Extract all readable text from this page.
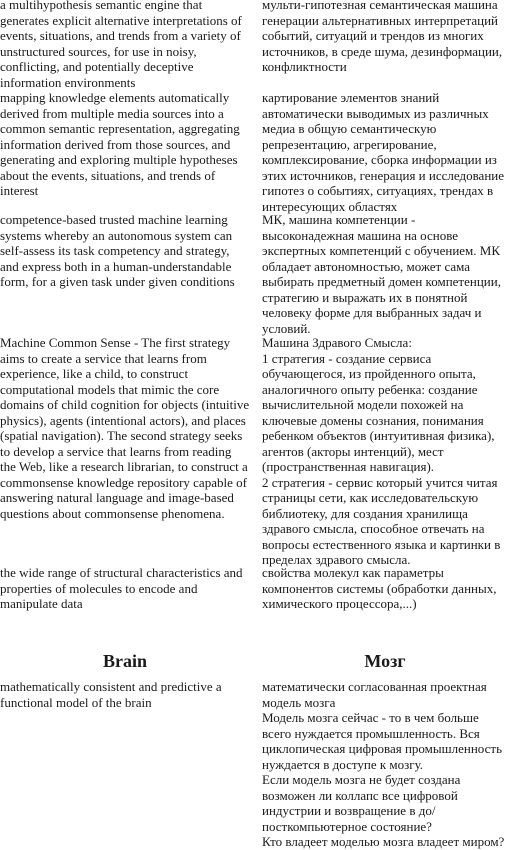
a multihypothesis semantic engine that generates explicit alternative interpretations of events, situations, and trends from a variety of unstructured sources, for use in noisy, conflicting, and potentially deceptive information environments

мульти-гипотезная семантическая машина генерации альтернативных интерпретаций событий, ситуаций и трендов из многих источников, в среде шума, дезинформации, конфликтности

mapping knowledge elements automatically derived from multiple media sources into a common semantic representation, aggregating information derived from those sources, and generating and exploring multiple hypotheses about the events, situations, and trends of interest

картирование элементов знаний автоматически выводимых из различных медиа в общую семантическую репрезентацию, агрегирование, комплексирование, сборка информации из этих источников, генерация и исследование гипотез о событиях, ситуациях, трендах в интересующих областях

competence-based trusted machine learning systems whereby an autonomous system can self-assess its task competency and strategy, and express both in a human-understandable form, for a given task under given conditions

МК, машина компетенции - высоконадежная машина на основе экспертных компетенций с обучением. МК обладает автономностью, может сама выбирать предметный домен компетенции, стратегию и выражать их в понятной человеку форме для выбранных задач и условий.

Machine Common Sense - The first strategy aims to create a service that learns from experience, like a child, to construct computational models that mimic the core domains of child cognition for objects (intuitive physics), agents (intentional actors), and places (spatial navigation). The second strategy seeks to develop a service that learns from reading the Web, like a research librarian, to construct a commonsense knowledge repository capable of answering natural language and image-based questions about commonsense phenomena.

Машина Здравого Смысла:

1 стратегия - создание сервиса обучающегося, из пройденного опыта, аналогичного опыту ребенка: создание вычислительной модели похожей на ключевые домены сознания, понимания ребенком объектов (интуитивная физика), агентов (акторы интенций), мест (пространственная навигация).

2 стратегия - сервис который учится читая страницы сети, как исследовательскую библиотеку, для создания хранилища здравого смысла, способное отвечать на вопросы естественного языка и картинки в пределах здравого смысла.

the wide range of structural characteristics and properties of molecules to encode and manipulate data

свойства молекул как параметры компонентов системы (обработки данных, химического процессора,...)

Brain	Мозг

mathematically consistent and predictive a functional model of the brain

математически согласованная проектная модель мозга

Модель мозга сейчас - то в чем больше всего нуждается промышленность. Вся циклопическая цифровая промышленность нуждается в доступе к мозгу.

Если модель мозга не будет создана возможен ли коллапс все цифровой индустрии и возвращение в до/посткомпьютерное состояние?

Кто владеет моделью мозга владеет миром?
